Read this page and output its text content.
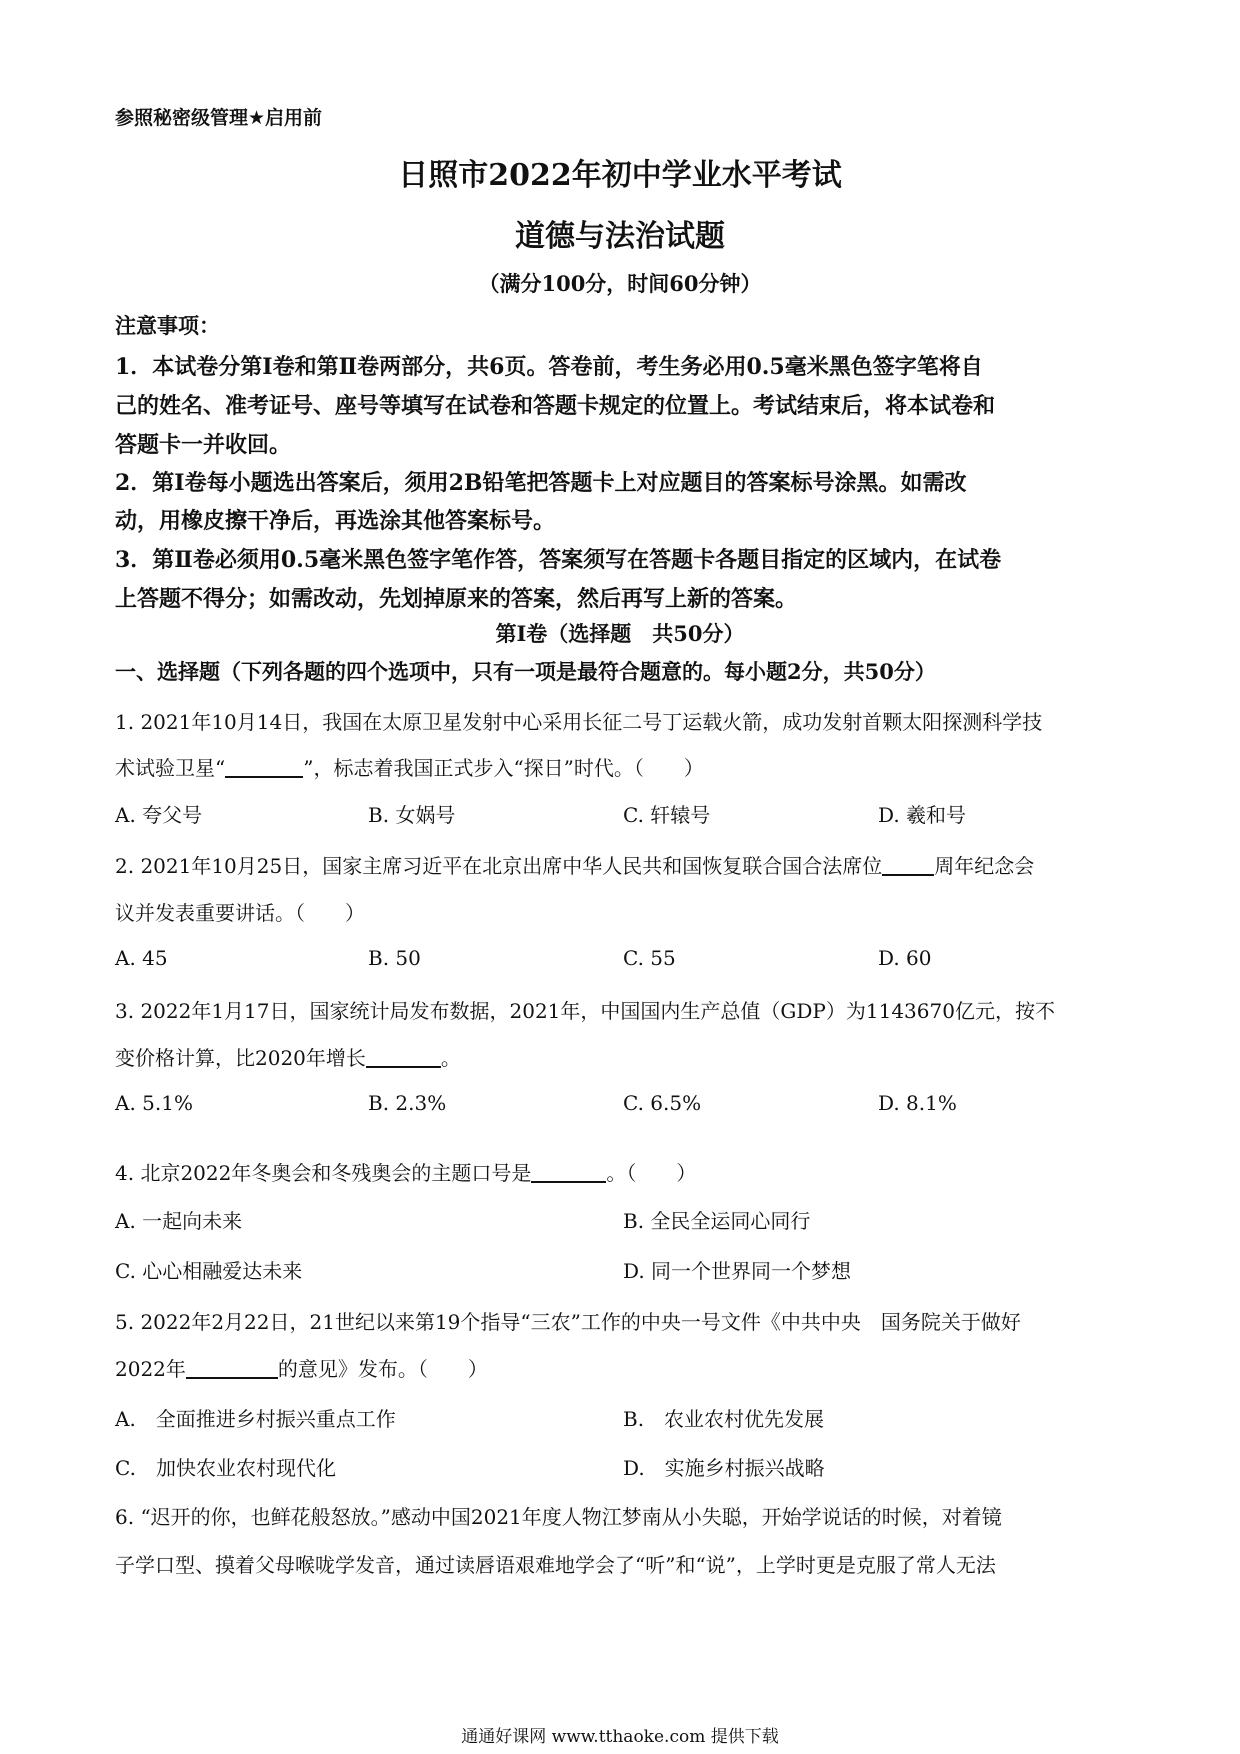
参照秘密级管理★启用前
日照市2022年初中学业水平考试
道德与法治试题
（满分100分，时间60分钟）
注意事项：
1．本试卷分第Ⅰ卷和第Ⅱ卷两部分，共6页。答卷前，考生务必用0.5毫米黑色签字笔将自
己的姓名、准考证号、座号等填写在试卷和答题卡规定的位置上。考试结束后，将本试卷和
答题卡一并收回。
2．第Ⅰ卷每小题选出答案后，须用2B铅笔把答题卡上对应题目的答案标号涂黑。如需改
动，用橡皮擦干净后，再选涂其他答案标号。
3．第Ⅱ卷必须用0.5毫米黑色签字笔作答，答案须写在答题卡各题目指定的区域内，在试卷
上答题不得分；如需改动，先划掉原来的答案，然后再写上新的答案。
第Ⅰ卷（选择题　共50分）
一、选择题（下列各题的四个选项中，只有一项是最符合题意的。每小题2分，共50分）
1. 2021年10月14日，我国在太原卫星发射中心采用长征二号丁运载火箭，成功发射首颗太阳探测科学技
术试验卫星“	”，标志着我国正式步入“探日”时代。（　　）
A. 夸父号	B. 女娲号	C. 轩辕号	D. 羲和号
2. 2021年10月25日，国家主席习近平在北京出席中华人民共和国恢复联合国合法席位	周年纪念会
议并发表重要讲话。（　　）
A. 45	B. 50	C. 55	D. 60
3. 2022年1月17日，国家统计局发布数据，2021年，中国国内生产总值（GDP）为1143670亿元，按不
变价格计算，比2020年增长	。
A. 5.1%	B. 2.3%	C. 6.5%	D. 8.1%
4. 北京2022年冬奥会和冬残奥会的主题口号是	。（　　）
A. 一起向未来	B. 全民全运同心同行
C. 心心相融爱达未来	D. 同一个世界同一个梦想
5. 2022年2月22日，21世纪以来第19个指导“三农”工作的中央一号文件《中共中央　国务院关于做好
2022年	的意见》发布。（　　）
A.　全面推进乡村振兴重点工作	B.　农业农村优先发展
C.　加快农业农村现代化	D.　实施乡村振兴战略
6. “迟开的你，也鲜花般怒放。”感动中国2021年度人物江梦南从小失聪，开始学说话的时候，对着镜
子学口型、摸着父母喉咙学发音，通过读唇语艰难地学会了“听”和“说”，上学时更是克服了常人无法
通通好课网 www.tthaoke.com 提供下载
